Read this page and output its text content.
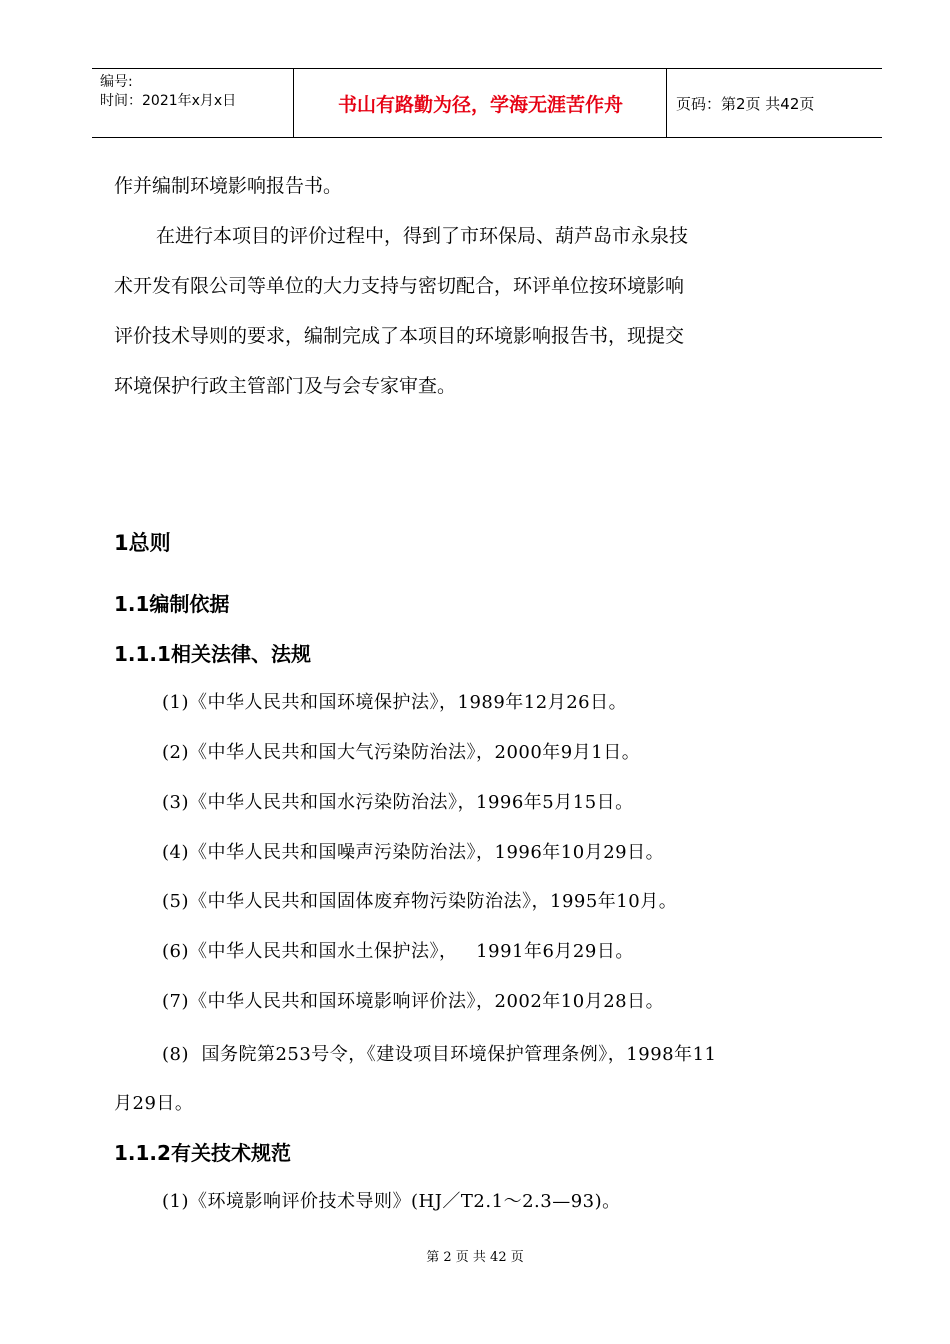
编号:
时间：2021年x月x日	书山有路勤为径，学海无涯苦作舟	页码：第2页 共42页
作并编制环境影响报告书。
在进行本项目的评价过程中，得到了市环保局、葫芦岛市永泉技
术开发有限公司等单位的大力支持与密切配合，环评单位按环境影响
评价技术导则的要求，编制完成了本项目的环境影响报告书，现提交
环境保护行政主管部门及与会专家审查。
1总则
1.1编制依据
1.1.1相关法律、法规
(1)《中华人民共和国环境保护法》，1989年12月26日。
(2)《中华人民共和国大气污染防治法》，2000年9月1日。
(3)《中华人民共和国水污染防治法》，1996年5月15日。
(4)《中华人民共和国噪声污染防治法》，1996年10月29日。
(5)《中华人民共和国固体废弃物污染防治法》，1995年10月。
(6)《中华人民共和国水土保护法》，   1991年6月29日。
(7)《中华人民共和国环境影响评价法》，2002年10月28日。
(8)  国务院第253号令，《建设项目环境保护管理条例》，1998年11
月29日。
1.1.2有关技术规范
(1)《环境影响评价技术导则》(HJ／T2.1～2.3—93)。
第 2 页 共 42 页
